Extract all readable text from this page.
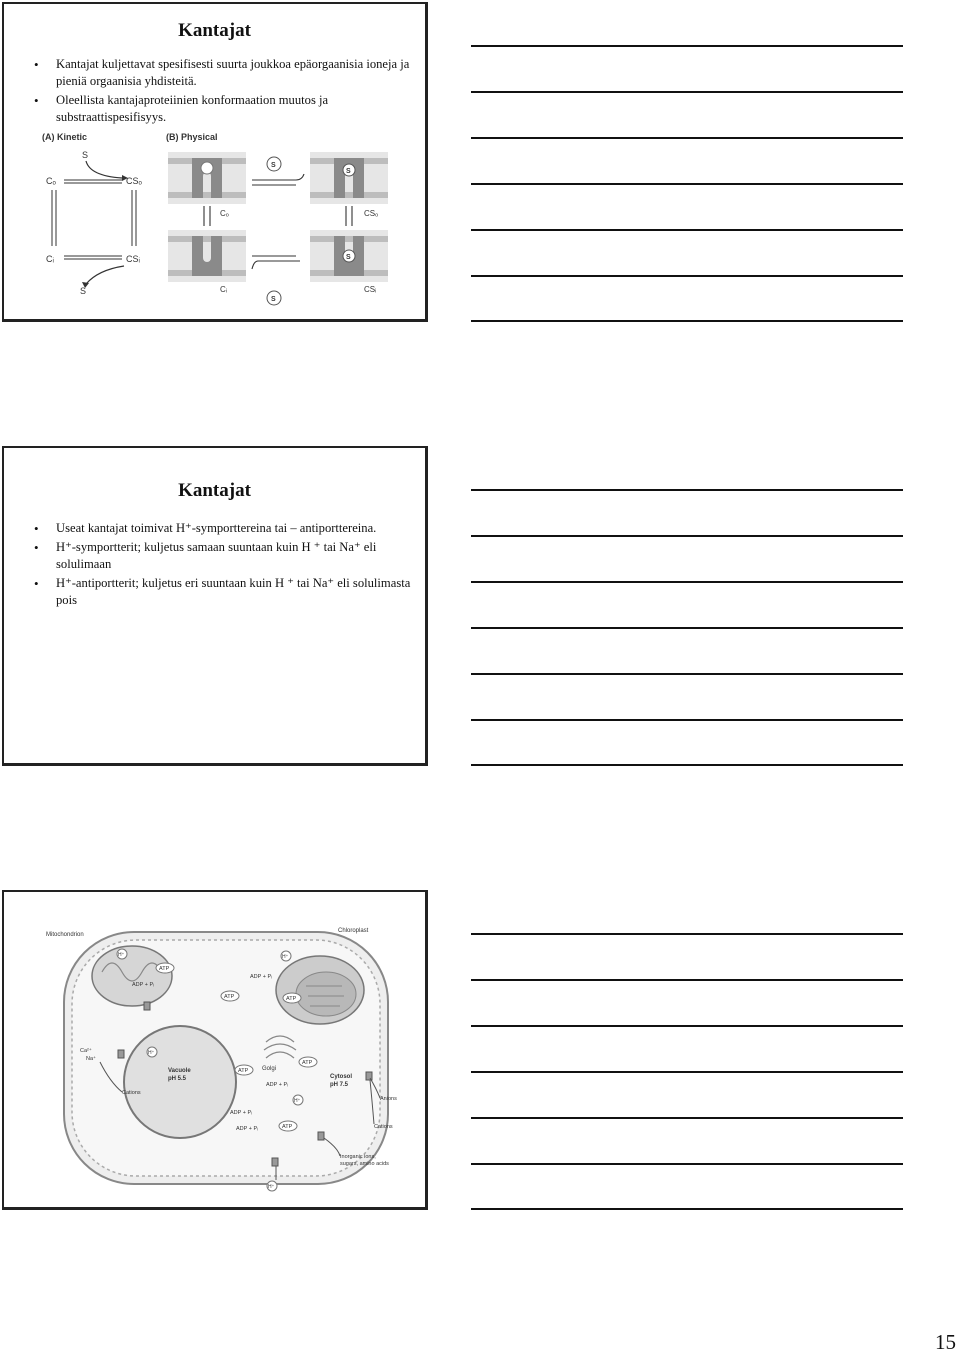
Kantajat
• Kantajat kuljettavat spesifisesti suurta joukkoa epäorgaanisia ioneja ja pieniä orgaanisia yhdisteitä.
• Oleellista kantajaproteiinien konformaation muutos ja substraattispesifisyys.
(A) Kinetic	(B) Physical
S
Cₒ	CSₒ
Cᵢ	CSᵢ
S
S
S
Cₒ	CSₒ
Cᵢ	CSᵢ
S
S
Kantajat
• Useat kantajat toimivat H⁺-symporttereina tai – antiporttereina.
• H⁺-symportterit; kuljetus samaan suuntaan kuin H ⁺ tai Na⁺ eli solulimaan
• H⁺-antiportterit; kuljetus eri suuntaan kuin H ⁺ tai Na⁺ eli solulimasta pois
Mitochondrion
Chloroplast
Vacuole
pH 5.5
Golgi
Cytosol
pH 7.5
ATP
ATP	ATP
ATP
ATP
ATP
ADP + Pᵢ
ADP + Pᵢ
ADP + Pᵢ
ADP + Pᵢ
ADP + Pᵢ
H⁺
H⁺
H⁺
H⁺
H⁺
Ca²⁺
Na⁺
Cations
Anions
Cations
Inorganic ions,
sugars, amino acids
15
